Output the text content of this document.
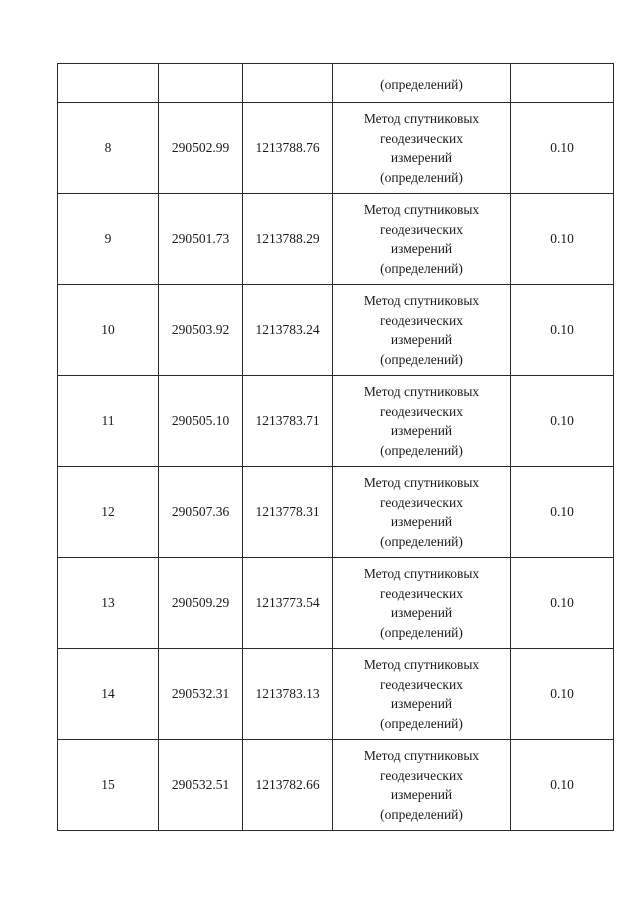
			(определений)	

8	290502.99	1213788.76	Метод спутниковых
геодезических
измерений
(определений)	0.10
9	290501.73	1213788.29	Метод спутниковых
геодезических
измерений
(определений)	0.10
10	290503.92	1213783.24	Метод спутниковых
геодезических
измерений
(определений)	0.10
11	290505.10	1213783.71	Метод спутниковых
геодезических
измерений
(определений)	0.10
12	290507.36	1213778.31	Метод спутниковых
геодезических
измерений
(определений)	0.10
13	290509.29	1213773.54	Метод спутниковых
геодезических
измерений
(определений)	0.10
14	290532.31	1213783.13	Метод спутниковых
геодезических
измерений
(определений)	0.10
15	290532.51	1213782.66	Метод спутниковых
геодезических
измерений
(определений)	0.10
